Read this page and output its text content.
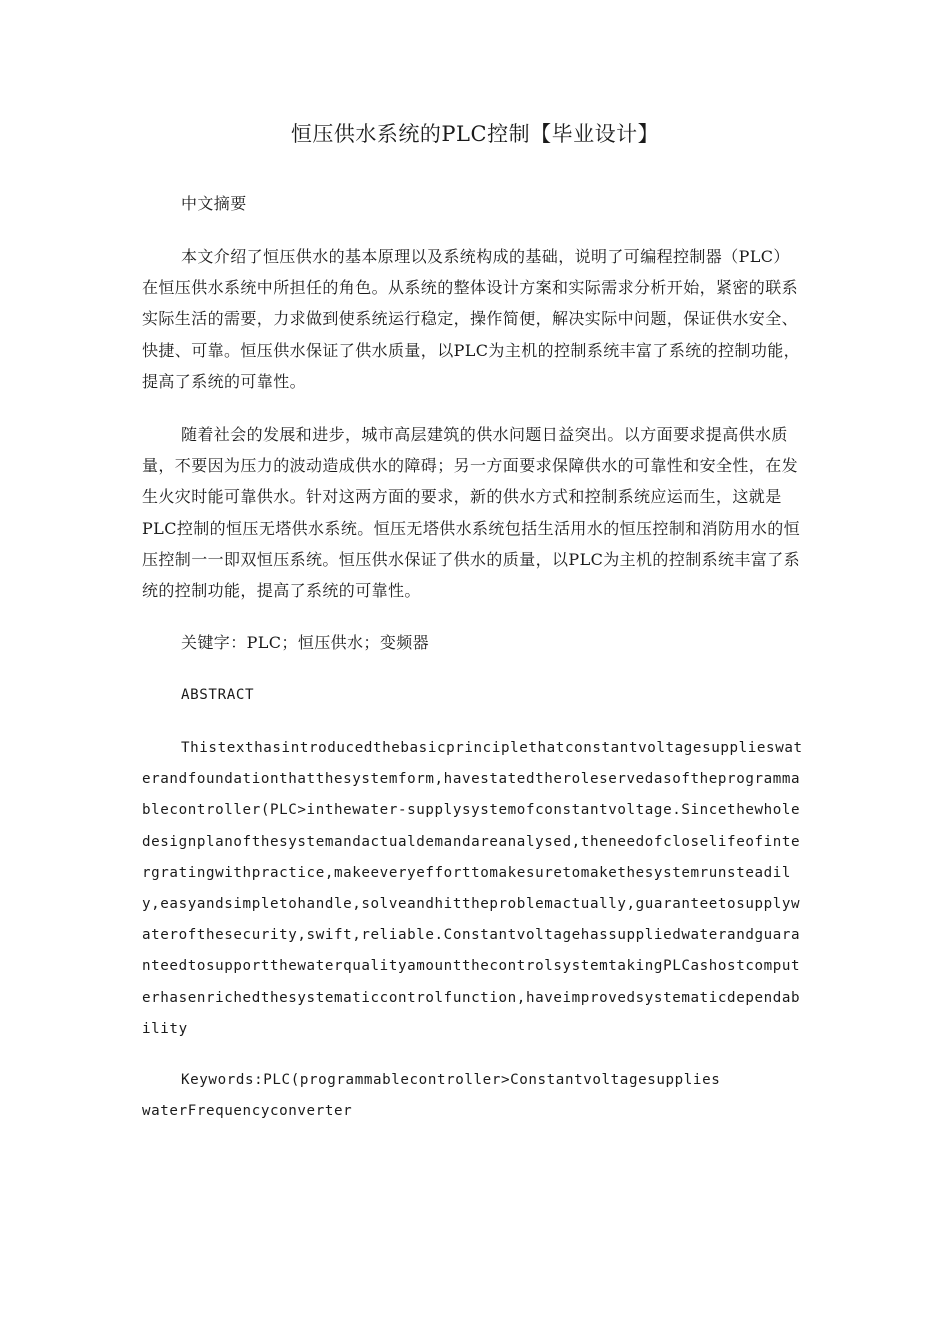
恒压供水系统的PLC控制【毕业设计】
中文摘要
本文介绍了恒压供水的基本原理以及系统构成的基础，说明了可编程控制器（PLC）在恒压供水系统中所担任的角色。从系统的整体设计方案和实际需求分析开始，紧密的联系实际生活的需要，力求做到使系统运行稳定，操作简便，解决实际中问题，保证供水安全、快捷、可靠。恒压供水保证了供水质量，以PLC为主机的控制系统丰富了系统的控制功能，提高了系统的可靠性。
随着社会的发展和进步，城市高层建筑的供水问题日益突出。以方面要求提高供水质量，不要因为压力的波动造成供水的障碍；另一方面要求保障供水的可靠性和安全性，在发生火灾时能可靠供水。针对这两方面的要求，新的供水方式和控制系统应运而生，这就是PLC控制的恒压无塔供水系统。恒压无塔供水系统包括生活用水的恒压控制和消防用水的恒压控制一一即双恒压系统。恒压供水保证了供水的质量，以PLC为主机的控制系统丰富了系统的控制功能，提高了系统的可靠性。
关键字：PLC；恒压供水；变频器
ABSTRACT
Thistexthasintroducedthebasicprinciplethatconstantvoltagesupplieswaterandfoundationthatthesystemform,havestatedtheroleservedasoftheprogrammablecontroller(PLC>inthewater-supplysystemofconstantvoltage.Sincethewholedesignplanofthesystemandactualdemandareanalysed,theneedofcloselifeofintergratingwithpractice,makeeveryefforttomakesuretomakethesystemrunsteadily,easyandsimpletohandle,solveandhittheproblemactually,guaranteetosupplywaterofthesecurity,swift,reliable.ConstantvoltagehassuppliedwaterandguaranteedtosupportthewaterqualityamountthecontrolsystemtakingPLCashostcomputerhasenrichedthesystematiccontrolfunction,haveimprovedsystematicdependability
Keywords:PLC(programmablecontroller>Constantvoltagesupplies
waterFrequencyconverter
